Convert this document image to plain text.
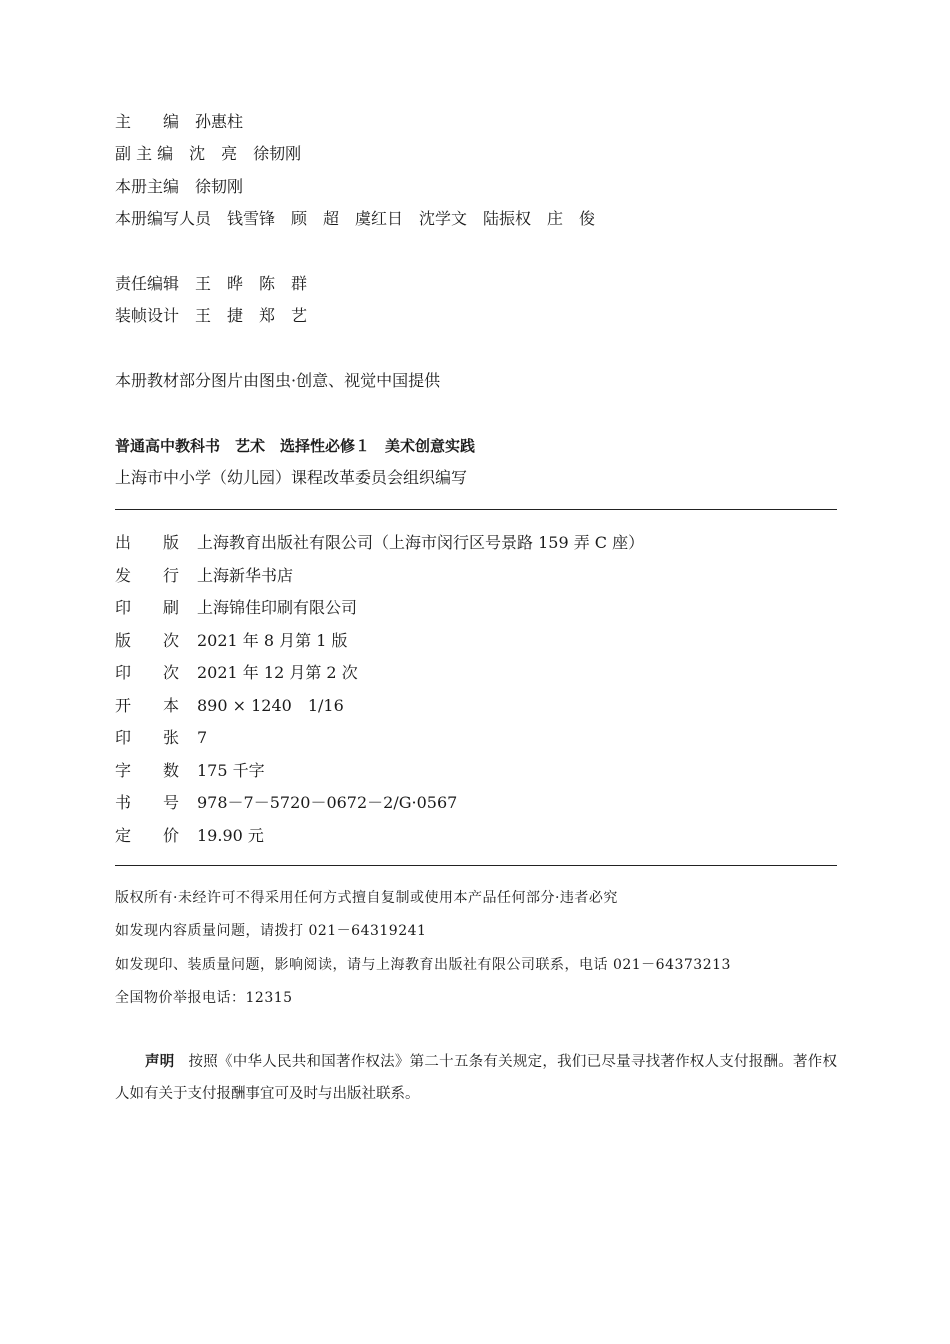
主　　编　孙惠柱
副 主 编　沈　亮　徐韧刚
本册主编　徐韧刚
本册编写人员　钱雪锋　顾　超　虞红日　沈学文　陆振权　庄　俊
责任编辑　王　晔　陈　群
装帧设计　王　捷　郑　艺
本册教材部分图片由图虫·创意、视觉中国提供
普通高中教科书　艺术　选择性必修１　美术创意实践
上海市中小学（幼儿园）课程改革委员会组织编写
出　　版 上海教育出版社有限公司（上海市闵行区号景路 159 弄 C 座）
发　　行 上海新华书店
印　　刷 上海锦佳印刷有限公司
版　　次 2021 年 8 月第 1 版
印　　次 2021 年 12 月第 2 次
开　　本 890 × 1240　1/16
印　　张 7
字　　数 175 千字
书　　号 978－7－5720－0672－2/G·0567
定　　价 19.90 元
版权所有·未经许可不得采用任何方式擅自复制或使用本产品任何部分·违者必究
如发现内容质量问题，请拨打 021－64319241
如发现印、装质量问题，影响阅读，请与上海教育出版社有限公司联系，电话 021－64373213
全国物价举报电话：12315
声明 按照《中华人民共和国著作权法》第二十五条有关规定，我们已尽量寻找著作权人支付报酬。著作权人如有关于支付报酬事宜可及时与出版社联系。
